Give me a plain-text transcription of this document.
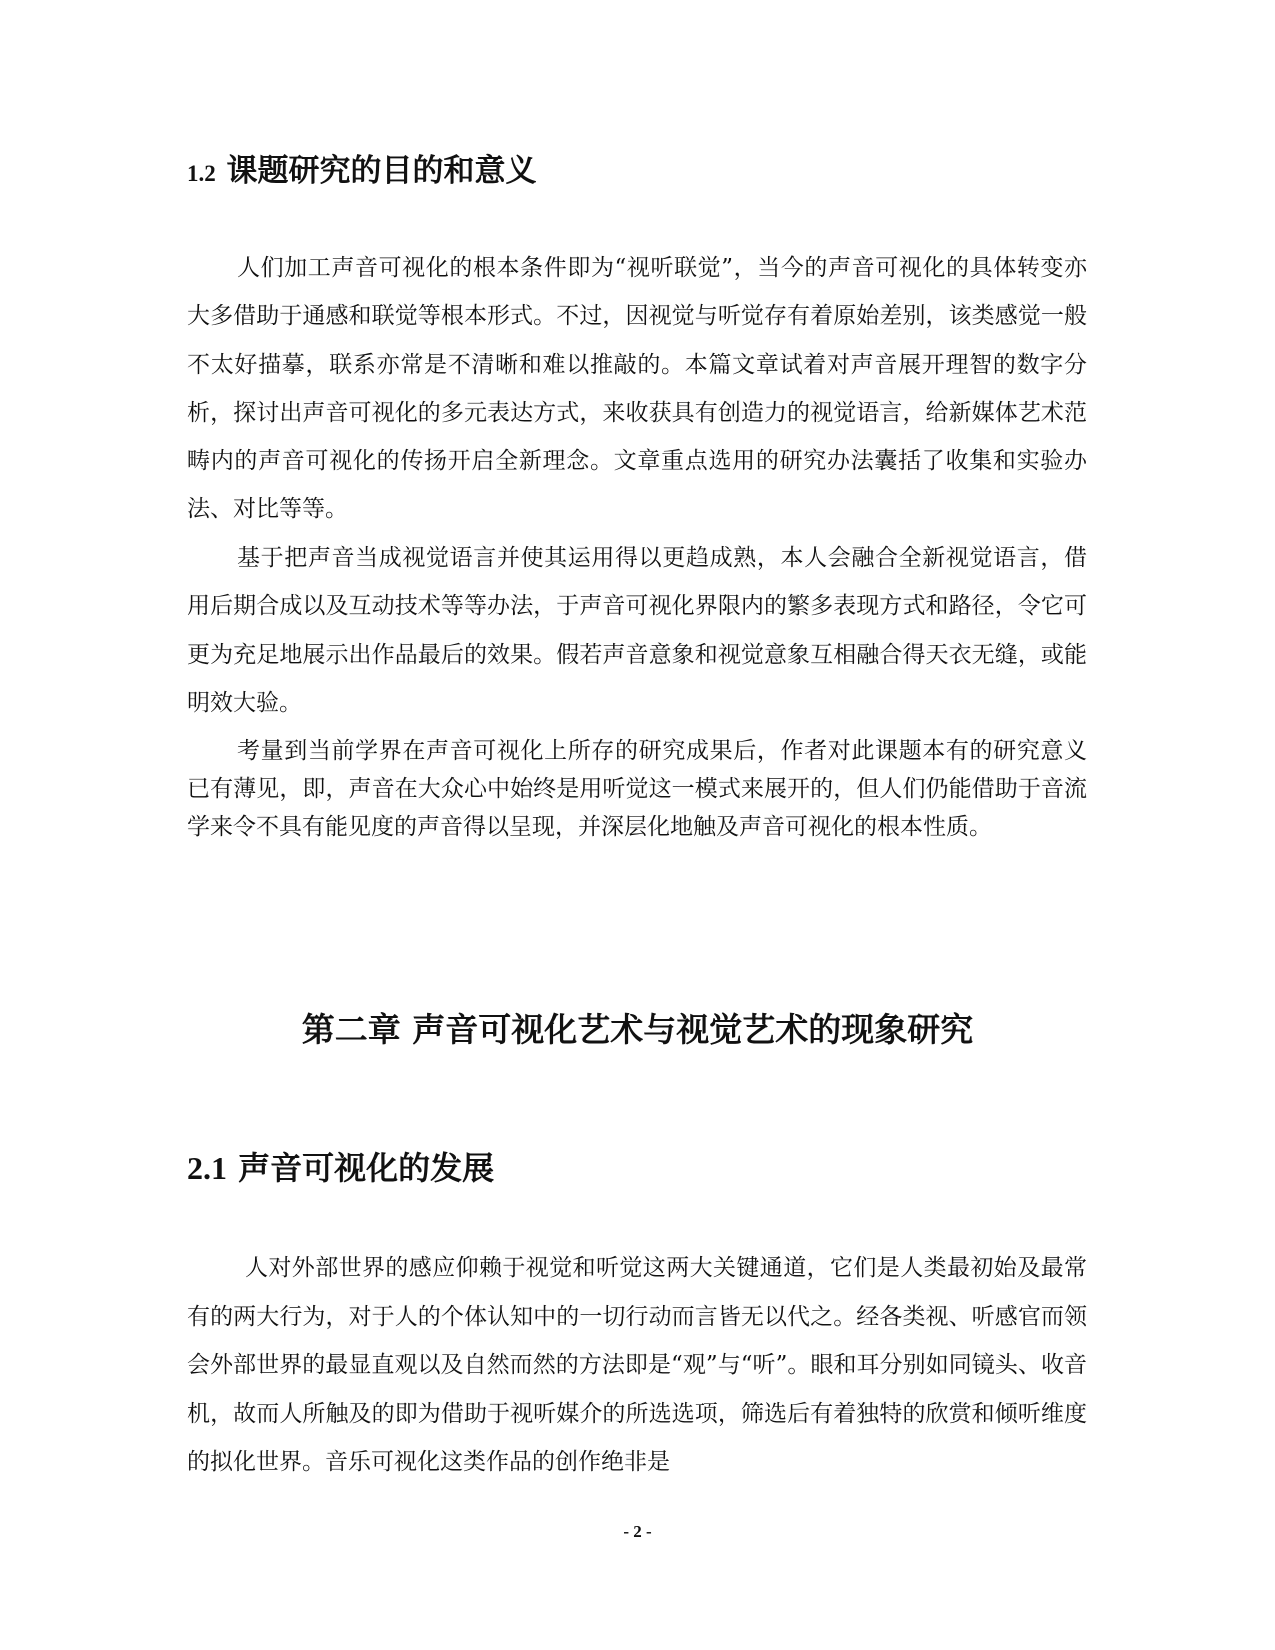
1.2 课题研究的目的和意义

人们加工声音可视化的根本条件即为“视听联觉”，当今的声音可视化的具体转变亦大多借助于通感和联觉等根本形式。不过，因视觉与听觉存有着原始差别，该类感觉一般不太好描摹，联系亦常是不清晰和难以推敲的。本篇文章试着对声音展开理智的数字分析，探讨出声音可视化的多元表达方式，来收获具有创造力的视觉语言，给新媒体艺术范畴内的声音可视化的传扬开启全新理念。文章重点选用的研究办法囊括了收集和实验办法、对比等等。

基于把声音当成视觉语言并使其运用得以更趋成熟，本人会融合全新视觉语言，借用后期合成以及互动技术等等办法，于声音可视化界限内的繁多表现方式和路径，令它可更为充足地展示出作品最后的效果。假若声音意象和视觉意象互相融合得天衣无缝，或能明效大验。

考量到当前学界在声音可视化上所存的研究成果后，作者对此课题本有的研究意义已有薄见，即，声音在大众心中始终是用听觉这一模式来展开的，但人们仍能借助于音流学来令不具有能见度的声音得以呈现，并深层化地触及声音可视化的根本性质。

第二章 声音可视化艺术与视觉艺术的现象研究
2.1 声音可视化的发展

人对外部世界的感应仰赖于视觉和听觉这两大关键通道，它们是人类最初始及最常有的两大行为，对于人的个体认知中的一切行动而言皆无以代之。经各类视、听感官而领会外部世界的最显直观以及自然而然的方法即是“观”与“听”。眼和耳分别如同镜头、收音机，故而人所触及的即为借助于视听媒介的所选选项，筛选后有着独特的欣赏和倾听维度的拟化世界。音乐可视化这类作品的创作绝非是

- 2 -
